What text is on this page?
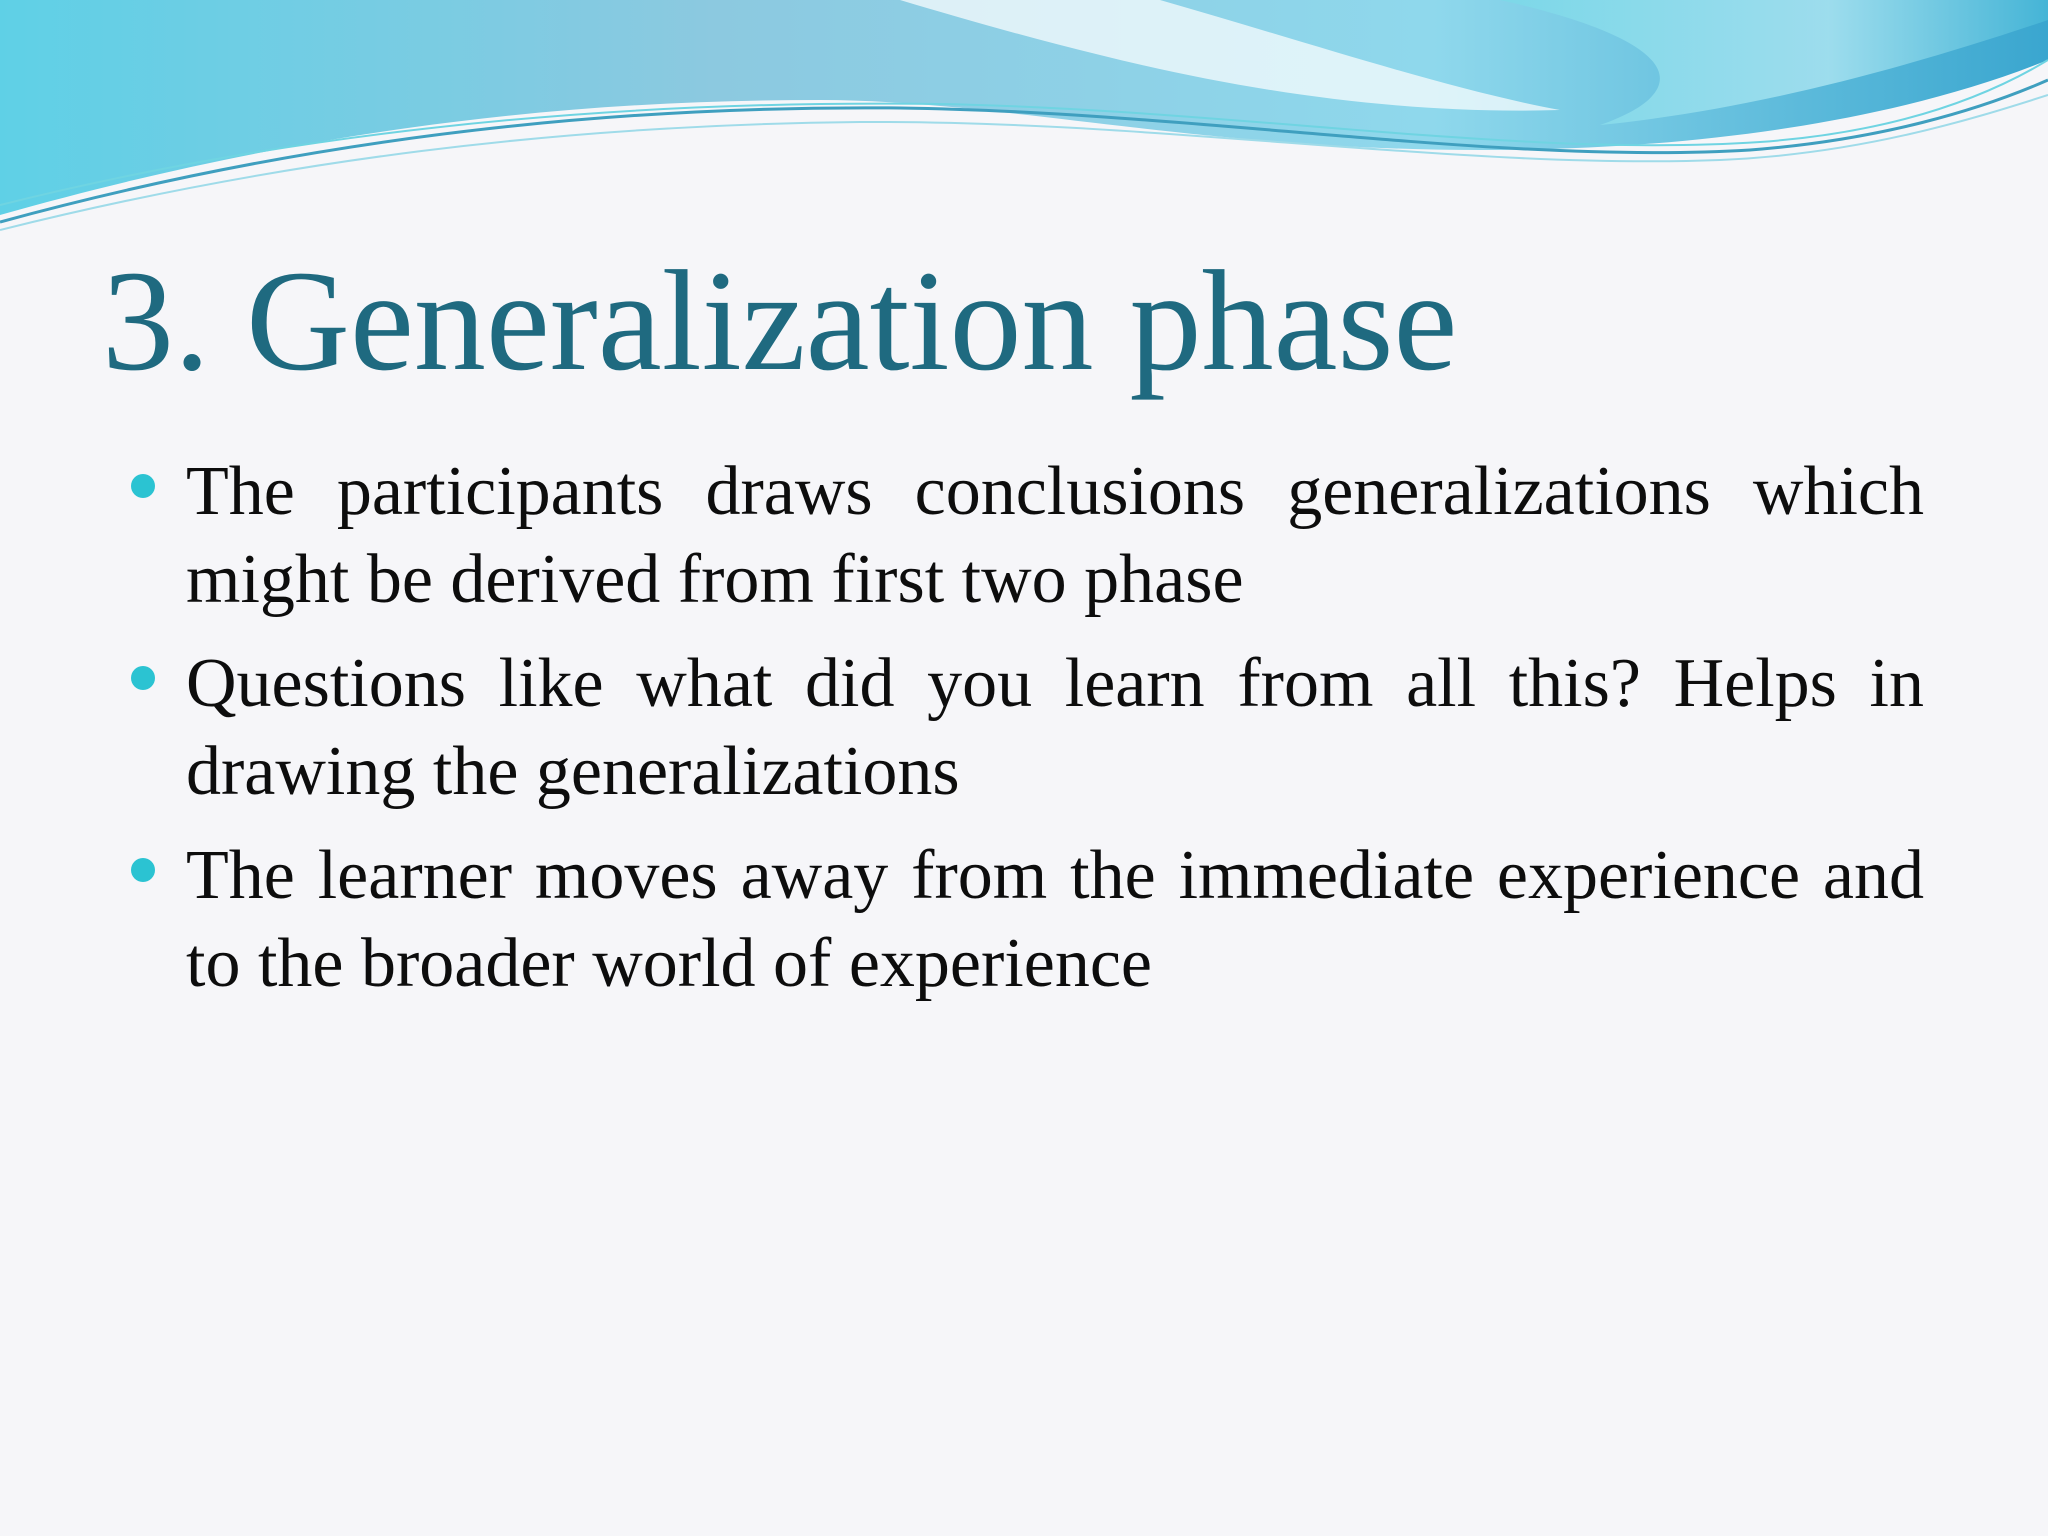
3. Generalization phase
The participants draws conclusions generalizations which might be derived from first two phase
Questions like what did you learn from all this? Helps in drawing the generalizations
The learner moves away from the immediate experience and to the broader world of experience
